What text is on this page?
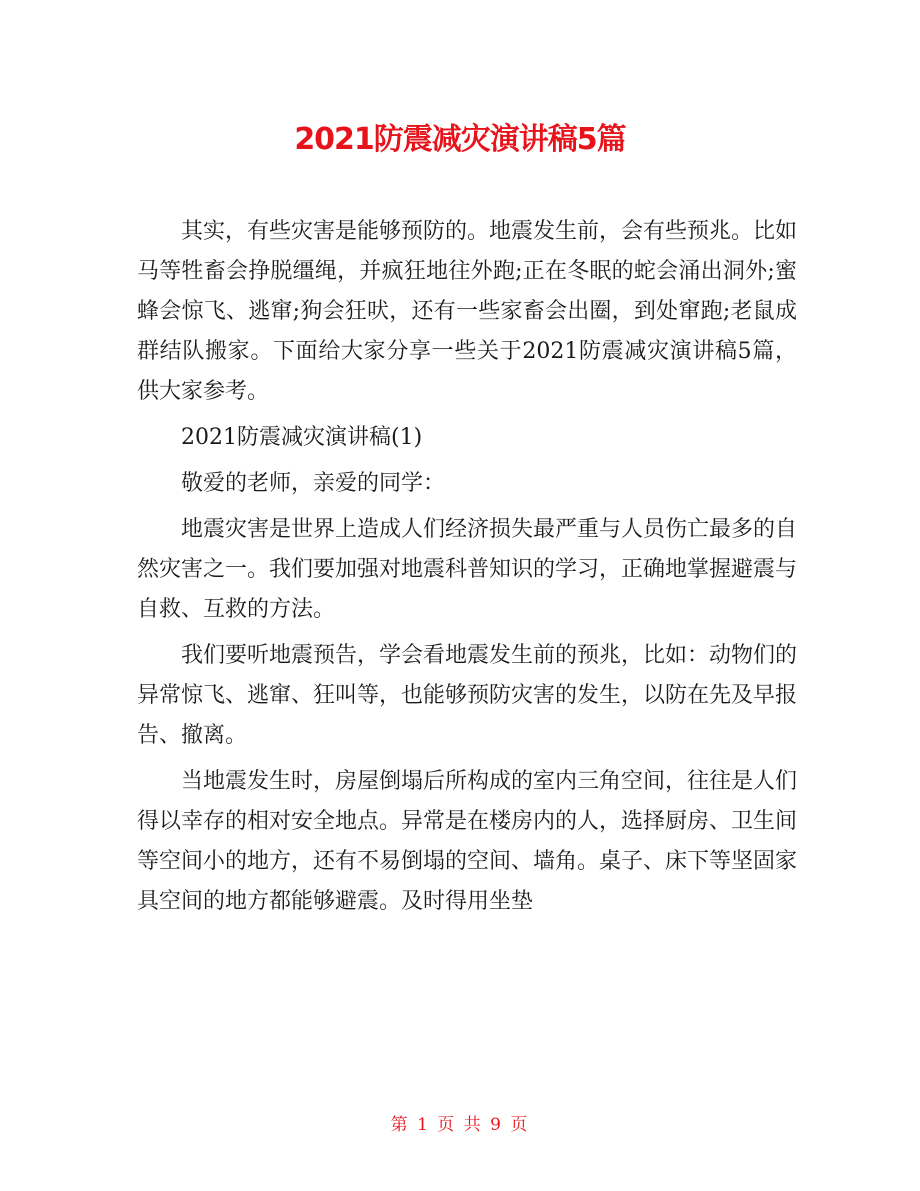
2021防震减灾演讲稿5篇

其实，有些灾害是能够预防的。地震发生前，会有些预兆。比如马等牲畜会挣脱缰绳，并疯狂地往外跑;正在冬眠的蛇会涌出洞外;蜜蜂会惊飞、逃窜;狗会狂吠，还有一些家畜会出圈，到处窜跑;老鼠成群结队搬家。下面给大家分享一些关于2021防震减灾演讲稿5篇，供大家参考。

2021防震减灾演讲稿(1)

敬爱的老师，亲爱的同学：

地震灾害是世界上造成人们经济损失最严重与人员伤亡最多的自然灾害之一。我们要加强对地震科普知识的学习，正确地掌握避震与自救、互救的方法。

我们要听地震预告，学会看地震发生前的预兆，比如：动物们的异常惊飞、逃窜、狂叫等，也能够预防灾害的发生，以防在先及早报告、撤离。

当地震发生时，房屋倒塌后所构成的室内三角空间，往往是人们得以幸存的相对安全地点。异常是在楼房内的人，选择厨房、卫生间等空间小的地方，还有不易倒塌的空间、墙角。桌子、床下等坚固家具空间的地方都能够避震。及时得用坐垫

第 1 页 共 9 页
